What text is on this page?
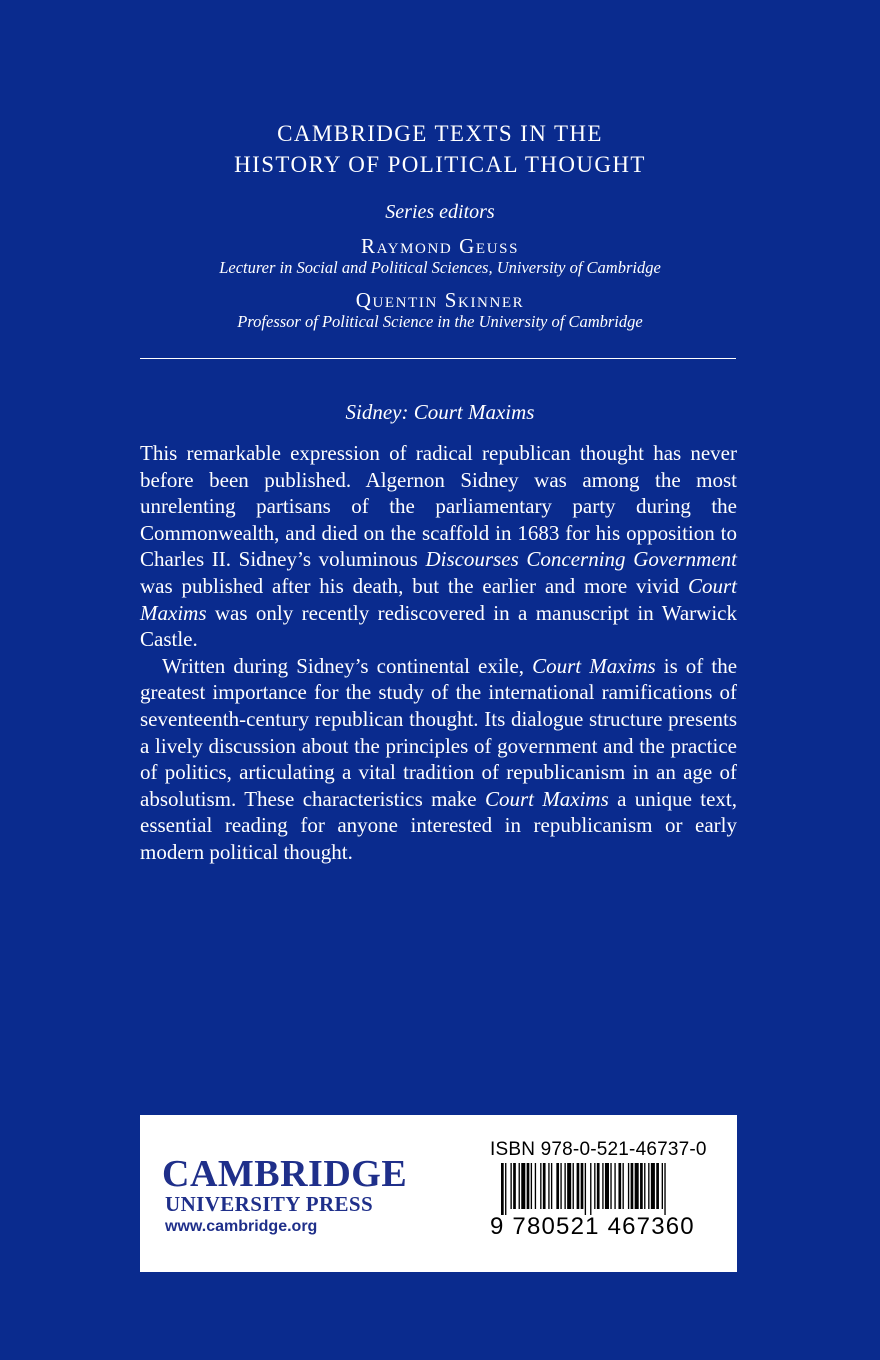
CAMBRIDGE TEXTS IN THE

HISTORY OF POLITICAL THOUGHT

Series editors
Raymond Geuss
Lecturer in Social and Political Sciences, University of Cambridge
Quentin Skinner
Professor of Political Science in the University of Cambridge
Sidney: Court Maxims

This remarkable expression of radical republican thought has never before been published. Algernon Sidney was among the most unrelenting partisans of the parliamentary party during the Commonwealth, and died on the scaffold in 1683 for his opposition to Charles II. Sidney’s voluminous Discourses Concerning Government was published after his death, but the earlier and more vivid Court Maxims was only recently rediscovered in a manuscript in Warwick Castle.

Written during Sidney’s continental exile, Court Maxims is of the greatest importance for the study of the international ramifications of seventeenth-century republican thought. Its dialogue structure presents a lively discussion about the principles of government and the practice of politics, articulating a vital tradition of republicanism in an age of absolutism. These characteristics make Court Maxims a unique text, essential reading for anyone interested in republicanism or early modern political thought.

CAMBRIDGE
UNIVERSITY PRESS
www.cambridge.org
ISBN 978-0-521-46737-0
9 780521 467360
